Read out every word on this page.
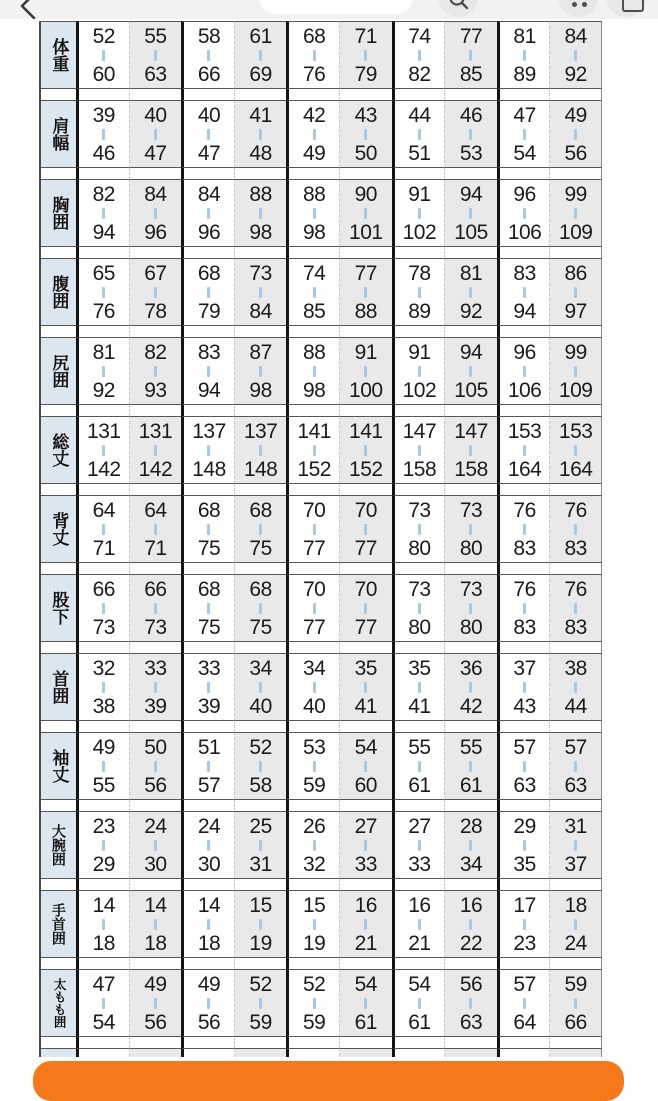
体重
52
60
55
63
58
66
61
69
68
76
71
79
74
82
77
85
81
89
84
92
肩幅
39
46
40
47
40
47
41
48
42
49
43
50
44
51
46
53
47
54
49
56
胸囲
82
94
84
96
84
96
88
98
88
98
90
101
91
102
94
105
96
106
99
109
腹囲
65
76
67
78
68
79
73
84
74
85
77
88
78
89
81
92
83
94
86
97
尻囲
81
92
82
93
83
94
87
98
88
98
91
100
91
102
94
105
96
106
99
109
総丈
131
142
131
142
137
148
137
148
141
152
141
152
147
158
147
158
153
164
153
164
背丈
64
71
64
71
68
75
68
75
70
77
70
77
73
80
73
80
76
83
76
83
股下
66
73
66
73
68
75
68
75
70
77
70
77
73
80
73
80
76
83
76
83
首囲
32
38
33
39
33
39
34
40
34
40
35
41
35
41
36
42
37
43
38
44
袖丈
49
55
50
56
51
57
52
58
53
59
54
60
55
61
55
61
57
63
57
63
大腕囲 23
29
24
30
24
30
25
31
26
32
27
33
27
33
28
34
29
35
31
37
手首囲 14
18
14
18
14
18
15
19
15
19
16
21
16
21
16
22
17
23
18
24
太もも囲 47
54
49
56
49
56
52
59
52
59
54
61
54
61
56
63
57
64
59
66
